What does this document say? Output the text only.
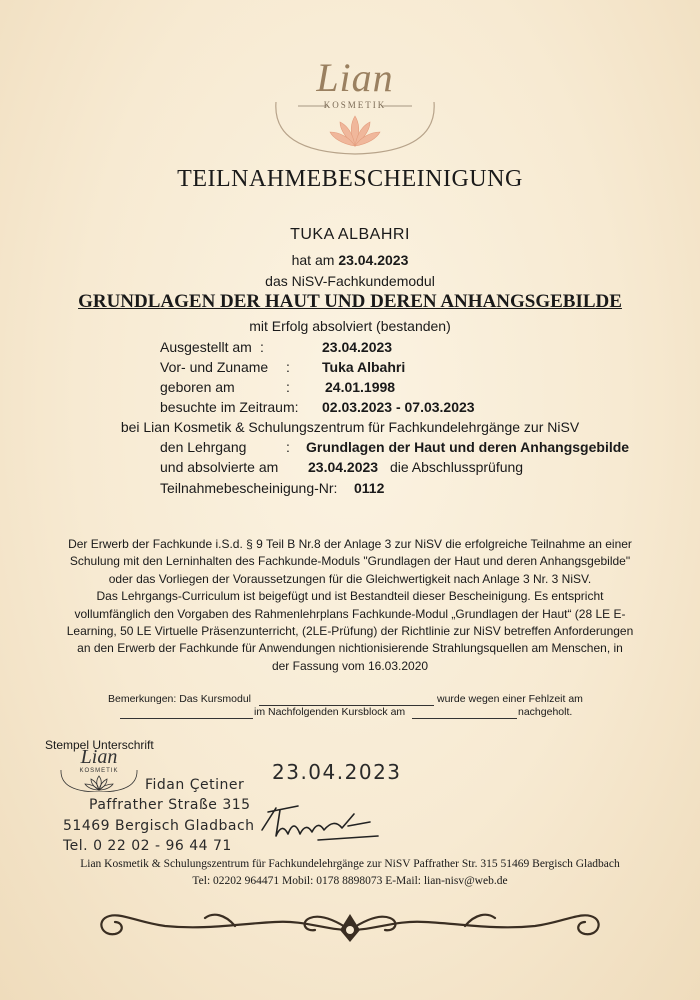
Lian
KOSMETIK
TEILNAHMEBESCHEINIGUNG
TUKA ALBAHRI
hat am 23.04.2023
das NiSV-Fachkundemodul
GRUNDLAGEN DER HAUT UND DEREN ANHANGSGEBILDE
mit Erfolg absolviert (bestanden)
Ausgestellt am :	23.04.2023
Vor- und Zuname : Tuka Albahri
geboren am	:	24.01.1998
besuchte im Zeitraum: 02.03.2023 - 07.03.2023
bei Lian Kosmetik & Schulungszentrum für Fachkundelehrgänge zur NiSV
den Lehrgang	: Grundlagen der Haut und deren Anhangsgebilde
und absolvierte am 23.04.2023 die Abschlussprüfung
Teilnahmebescheinigung-Nr: 0112
Der Erwerb der Fachkunde i.S.d. § 9 Teil B Nr.8 der Anlage 3 zur NiSV die erfolgreiche Teilnahme an einer
Schulung mit den Lerninhalten des Fachkunde-Moduls "Grundlagen der Haut und deren Anhangsgebilde"
oder das Vorliegen der Voraussetzungen für die Gleichwertigkeit nach Anlage 3 Nr. 3 NiSV.
Das Lehrgangs-Curriculum ist beigefügt und ist Bestandteil dieser Bescheinigung. Es entspricht
vollumfänglich den Vorgaben des Rahmenlehrplans Fachkunde-Modul „Grundlagen der Haut“ (28 LE E-
Learning, 50 LE Virtuelle Präsenzunterricht, (2LE-Prüfung) der Richtlinie zur NiSV betreffen Anforderungen
an den Erwerb der Fachkunde für Anwendungen nichtionisierende Strahlungsquellen am Menschen, in
der Fassung vom 16.03.2020
Bemerkungen: Das Kursmodul	wurde wegen einer Fehlzeit am
im Nachfolgenden Kursblock am	nachgeholt.
Stempel Unterschrift
Lian
KOSMETIK
Fidan Çetiner
Paffrather Straße 315
51469 Bergisch Gladbach
Tel. 0 22 02 - 96 44 71
23.04.2023
Lian Kosmetik & Schulungszentrum für Fachkundelehrgänge zur NiSV Paffrather Str. 315 51469 Bergisch Gladbach
Tel: 02202 964471 Mobil: 0178 8898073 E-Mail: lian-nisv@web.de
